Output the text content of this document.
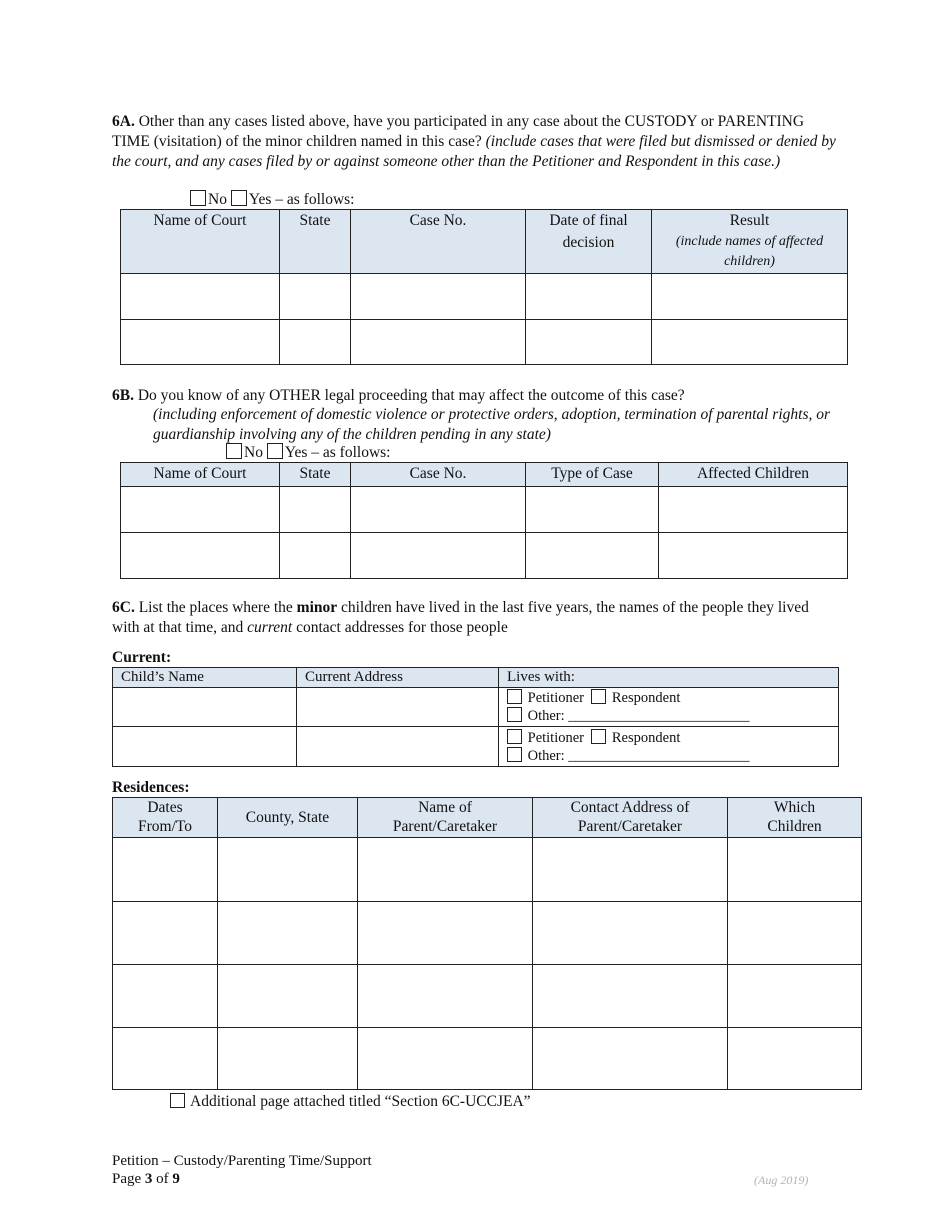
6A. Other than any cases listed above, have you participated in any case about the CUSTODY or PARENTING TIME (visitation) of the minor children named in this case? (include cases that were filed but dismissed or denied by the court, and any cases filed by or against someone other than the Petitioner and Respondent in this case.)
No Yes – as follows:
Name of Court	State	Case No.	Date of final decision	Result
(include names of affected children)

6B. Do you know of any OTHER legal proceeding that may affect the outcome of this case?
(including enforcement of domestic violence or protective orders, adoption, termination of parental rights, or guardianship involving any of the children pending in any state)
No Yes – as follows:
Name of Court	State	Case No.	Type of Case	Affected Children

6C. List the places where the minor children have lived in the last five years, the names of the people they lived with at that time, and current contact addresses for those people
Current:
Child’s Name	Current Address	Lives with:

		Petitioner Respondent
Other: _________________________

		Petitioner Respondent
Other: _________________________
Residences:
Dates From/To	County, State	Name of Parent/Caretaker	Contact Address of Parent/Caretaker	Which Children

Additional page attached titled “Section 6C-UCCJEA”
Petition – Custody/Parenting Time/Support
Page 3 of 9	(Aug 2019)
